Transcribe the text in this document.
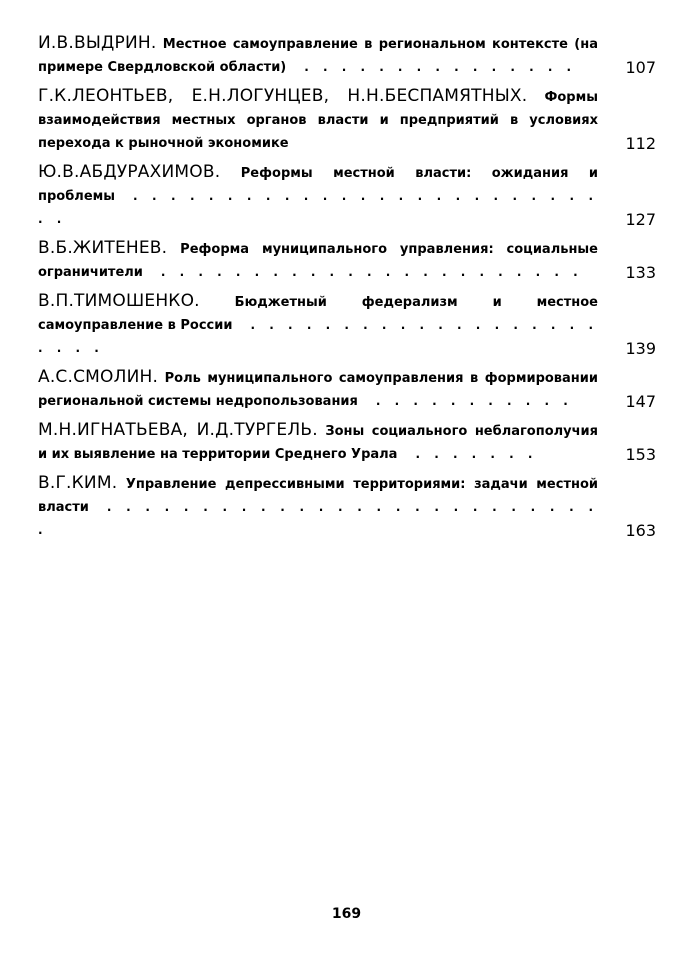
И.В.ВЫДРИН. Местное самоуправление в региональном контексте (на примере Свердловской области) . . . . . . . . . . . . . . .	107
Г.К.ЛЕОНТЬЕВ, Е.Н.ЛОГУНЦЕВ, Н.Н.БЕСПАМЯТНЫХ. Формы взаимодействия местных органов власти и предприятий в условиях перехода к рыночной экономике	112
Ю.В.АБДУРАХИМОВ. Реформы местной власти: ожидания и проблемы . . . . . . . . . . . . . . . . . . . . . . . . . . .	127
В.Б.ЖИТЕНЕВ. Реформа муниципального управления: социальные ограничители . . . . . . . . . . . . . . . . . . . . . . .	133
В.П.ТИМОШЕНКО.	Бюджетный федерализм и местное самоуправление в России . . . . . . . . . . . . . . . . . . . . . . .	139
А.С.СМОЛИН. Роль муниципального самоуправления в формировании региональной системы недропользования . . . . . . . . . . .	147
М.Н.ИГНАТЬЕВА, И.Д.ТУРГЕЛЬ. Зоны социального неблагополучия и их выявление на территории Среднего Урала . . . . . . .	153
В.Г.КИМ. Управление депрессивными территориями: задачи местной власти . . . . . . . . . . . . . . . . . . . . . . . . . . .	163
169
